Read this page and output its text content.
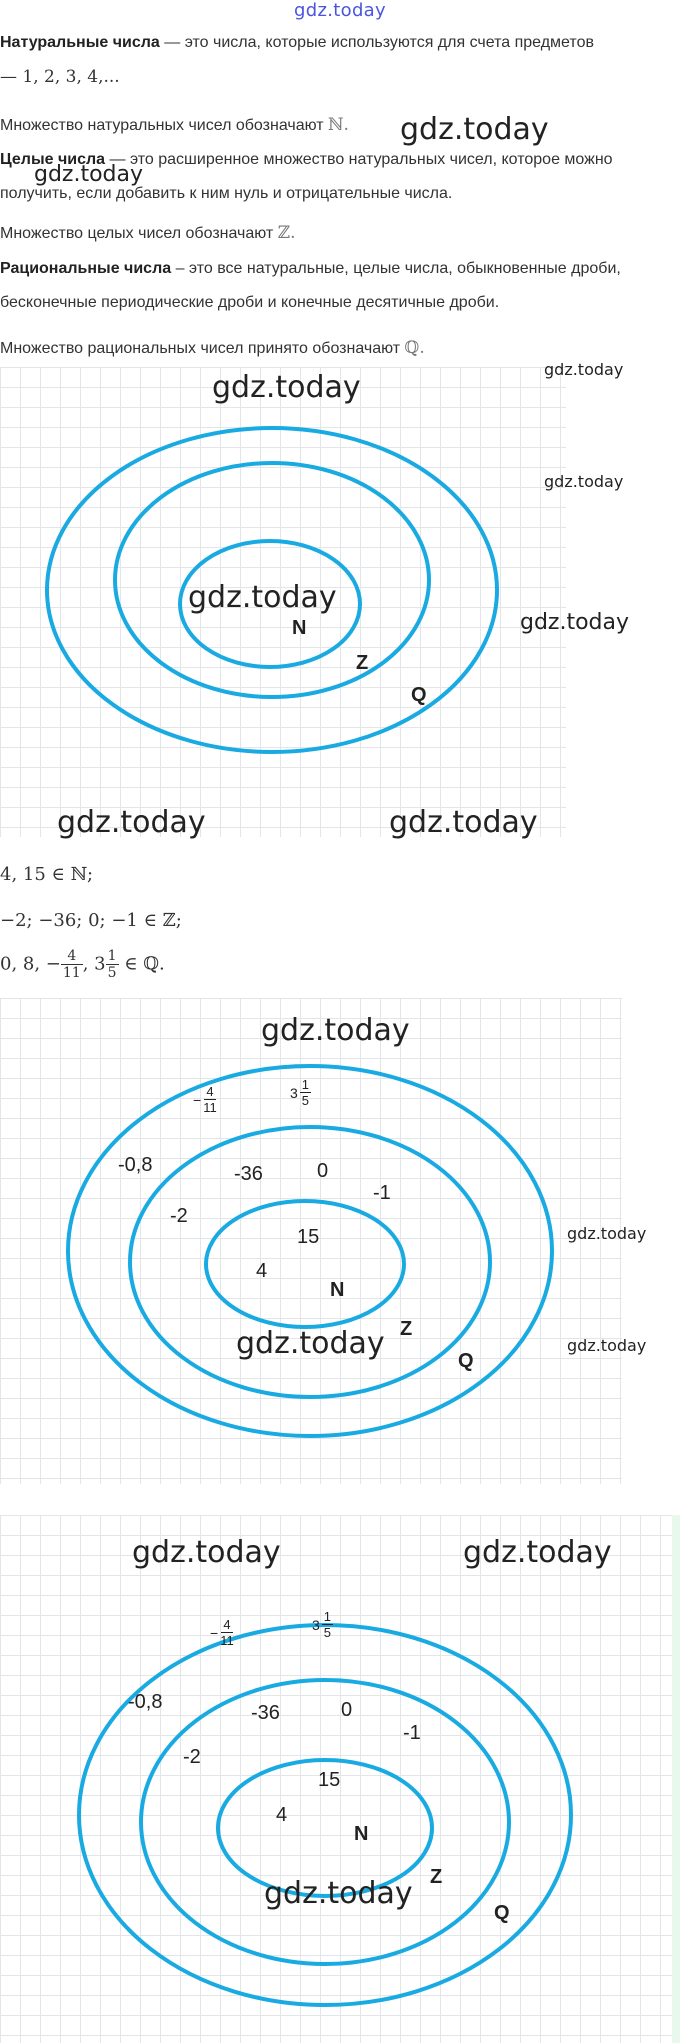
gdz.today
Натуральные числа — это числа, которые используются для счета предметов
— 1, 2, 3, 4,...
Множество натуральных чисел обозначают ℕ.
Целые числа — это расширенное множество натуральных чисел, которое можно получить, если добавить к ним нуль и отрицательные числа.
Множество целых чисел обозначают ℤ.
Рациональные числа – это все натуральные, целые числа, обыкновенные дроби, бесконечные периодические дроби и конечные десятичные дроби.
Множество рациональных чисел принято обозначают ℚ.
gdz.today
gdz.today
N
Z
Q
gdz.today
gdz.today
gdz.today
gdz.today
gdz.today
gdz.today	gdz.today
4, 15 ∈ ℕ;
−2; −36; 0; −1 ∈ ℤ;
0, 8, − $\frac{4}{11}$ , $3 \frac{1}{5}$ ∈ ℚ.
15
4
N
-36	0
-1
-2
-0,8
Z
Q
− $\frac{4}{11}$	$3 \frac{1}{5}$
gdz.today
gdz.today
gdz.today
gdz.today
15
4
N
-36	0
-1
-2
-0,8
Z
Q
− $\frac{4}{11}$	$3 \frac{1}{5}$
gdz.today	gdz.today
gdz.today
